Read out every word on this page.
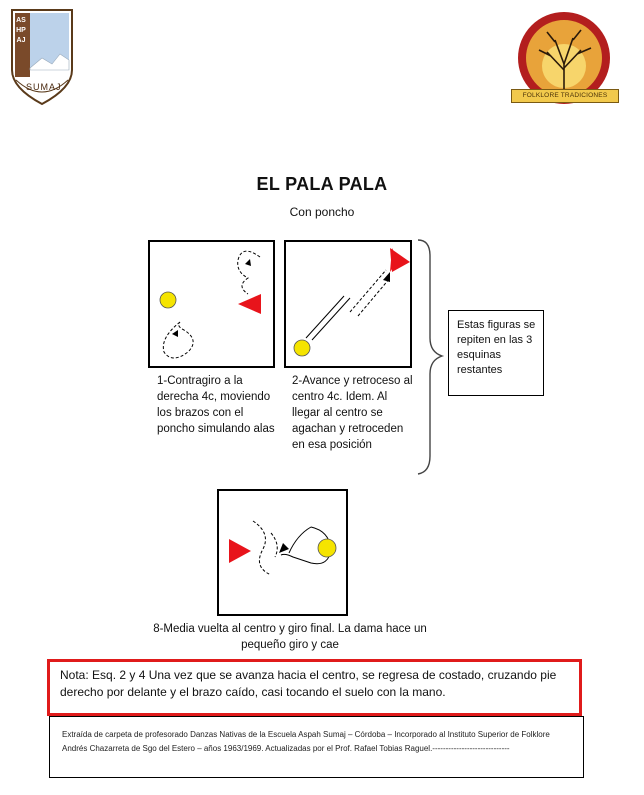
ASHPAJ
SUMAJ
FOLKLORE TRADICIONES
EL PALA PALA
Con poncho
1-Contragiro a la derecha 4c, moviendo los brazos con el poncho simulando alas
2-Avance y retroceso al centro 4c. Idem. Al llegar al centro se agachan y retroceden en esa posición
Estas figuras se repiten en las 3 esquinas restantes
8-Media vuelta al centro y giro final. La dama hace un pequeño giro y cae
Nota: Esq. 2 y 4 Una vez que se avanza hacia el centro, se regresa de costado, cruzando pie derecho por delante y el brazo caído, casi tocando el suelo con la mano.
Extraída de carpeta de profesorado Danzas Nativas de la Escuela Aspah Sumaj – Córdoba – Incorporado al Instituto Superior de Folklore Andrés Chazarreta de Sgo del Estero – años 1963/1969. Actualizadas por el Prof. Rafael Tobias Raguel.-----------------------------
